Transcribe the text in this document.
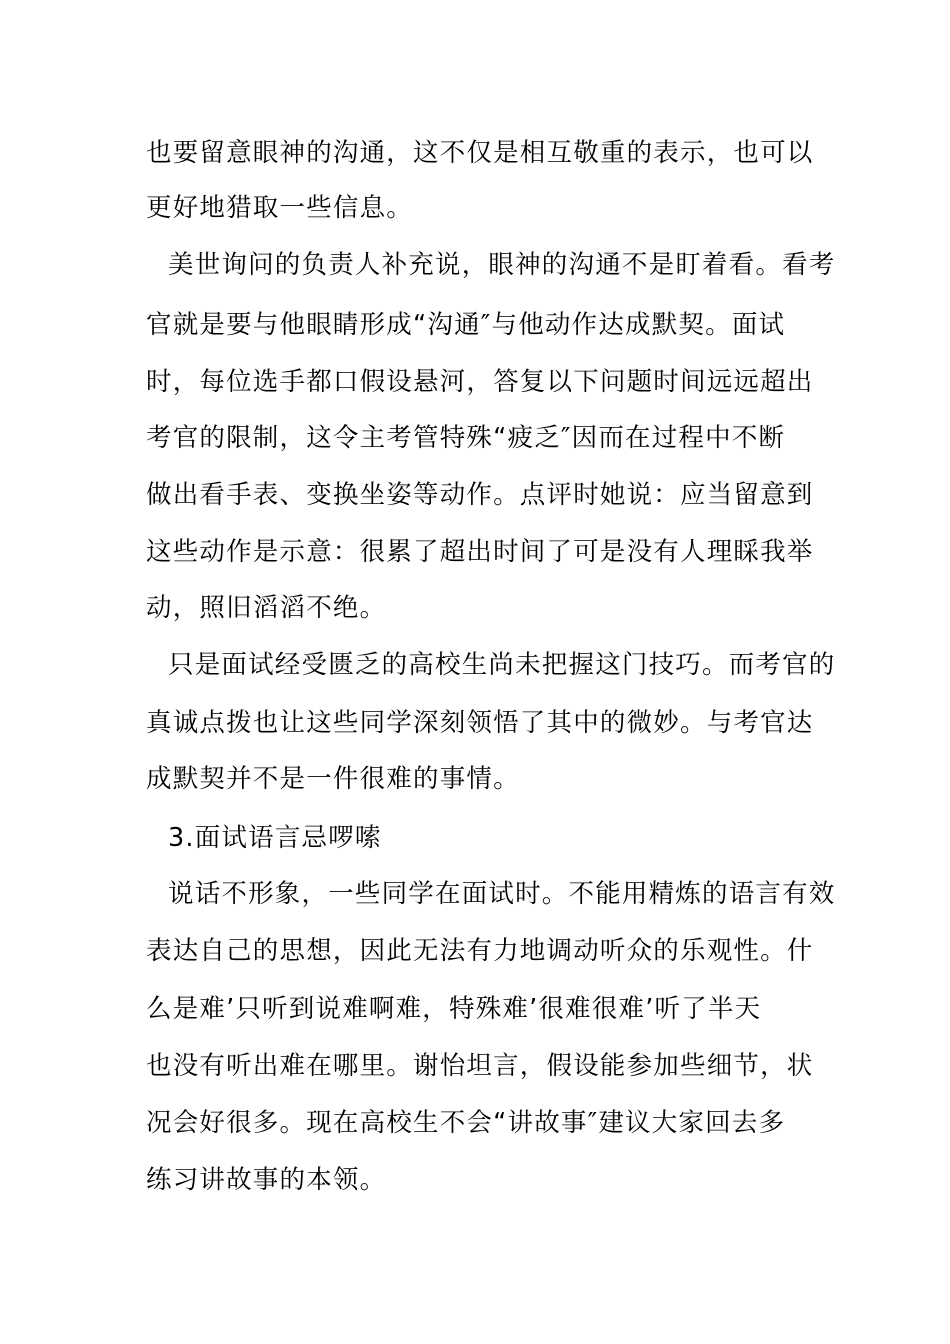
也要留意眼神的沟通，这不仅是相互敬重的表示，也可以
更好地猎取一些信息。
美世询问的负责人补充说，眼神的沟通不是盯着看。看考
官就是要与他眼睛形成“沟通″与他动作达成默契。面试
时，每位选手都口假设悬河，答复以下问题时间远远超出
考官的限制，这令主考管特殊“疲乏″因而在过程中不断
做出看手表、变换坐姿等动作。点评时她说：应当留意到
这些动作是示意：很累了超出时间了可是没有人理睬我举
动，照旧滔滔不绝。
只是面试经受匮乏的高校生尚未把握这门技巧。而考官的
真诚点拨也让这些同学深刻领悟了其中的微妙。与考官达
成默契并不是一件很难的事情。
3.面试语言忌啰嗦
说话不形象，一些同学在面试时。不能用精炼的语言有效
表达自己的思想，因此无法有力地调动听众的乐观性。什
么是难’只听到说难啊难，特殊难’很难很难’听了半天
也没有听出难在哪里。谢怡坦言，假设能参加些细节，状
况会好很多。现在高校生不会“讲故事″建议大家回去多
练习讲故事的本领。
